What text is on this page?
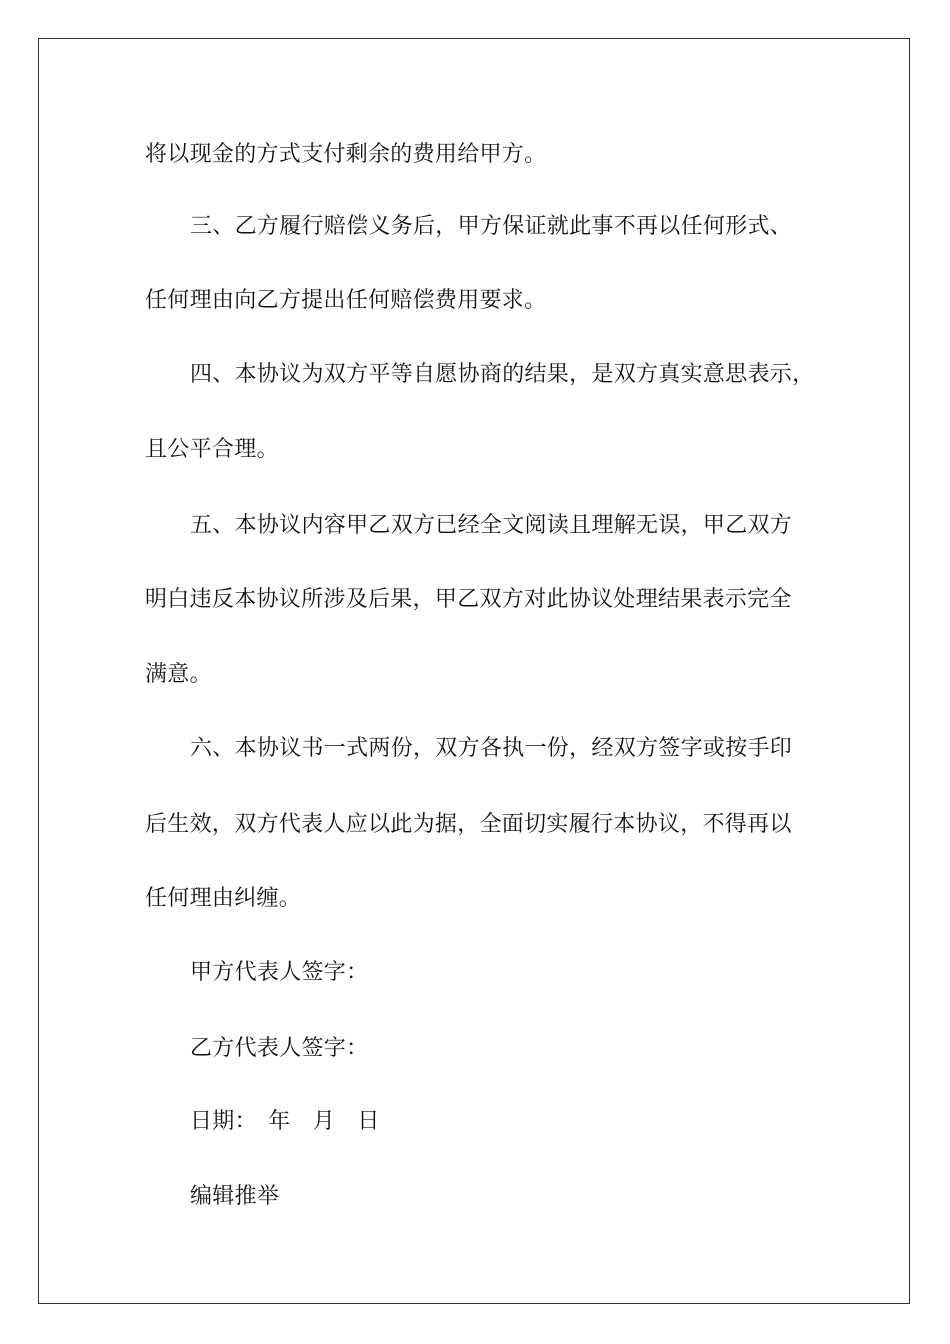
将以现金的方式支付剩余的费用给甲方。
三、乙方履行赔偿义务后，甲方保证就此事不再以任何形式、
任何理由向乙方提出任何赔偿费用要求。
四、本协议为双方平等自愿协商的结果，是双方真实意思表示，
且公平合理。
五、本协议内容甲乙双方已经全文阅读且理解无误，甲乙双方
明白违反本协议所涉及后果，甲乙双方对此协议处理结果表示完全
满意。
六、本协议书一式两份，双方各执一份，经双方签字或按手印
后生效，双方代表人应以此为据，全面切实履行本协议，不得再以
任何理由纠缠。
甲方代表人签字：
乙方代表人签字：
日期：　年　月　日
编辑推举
